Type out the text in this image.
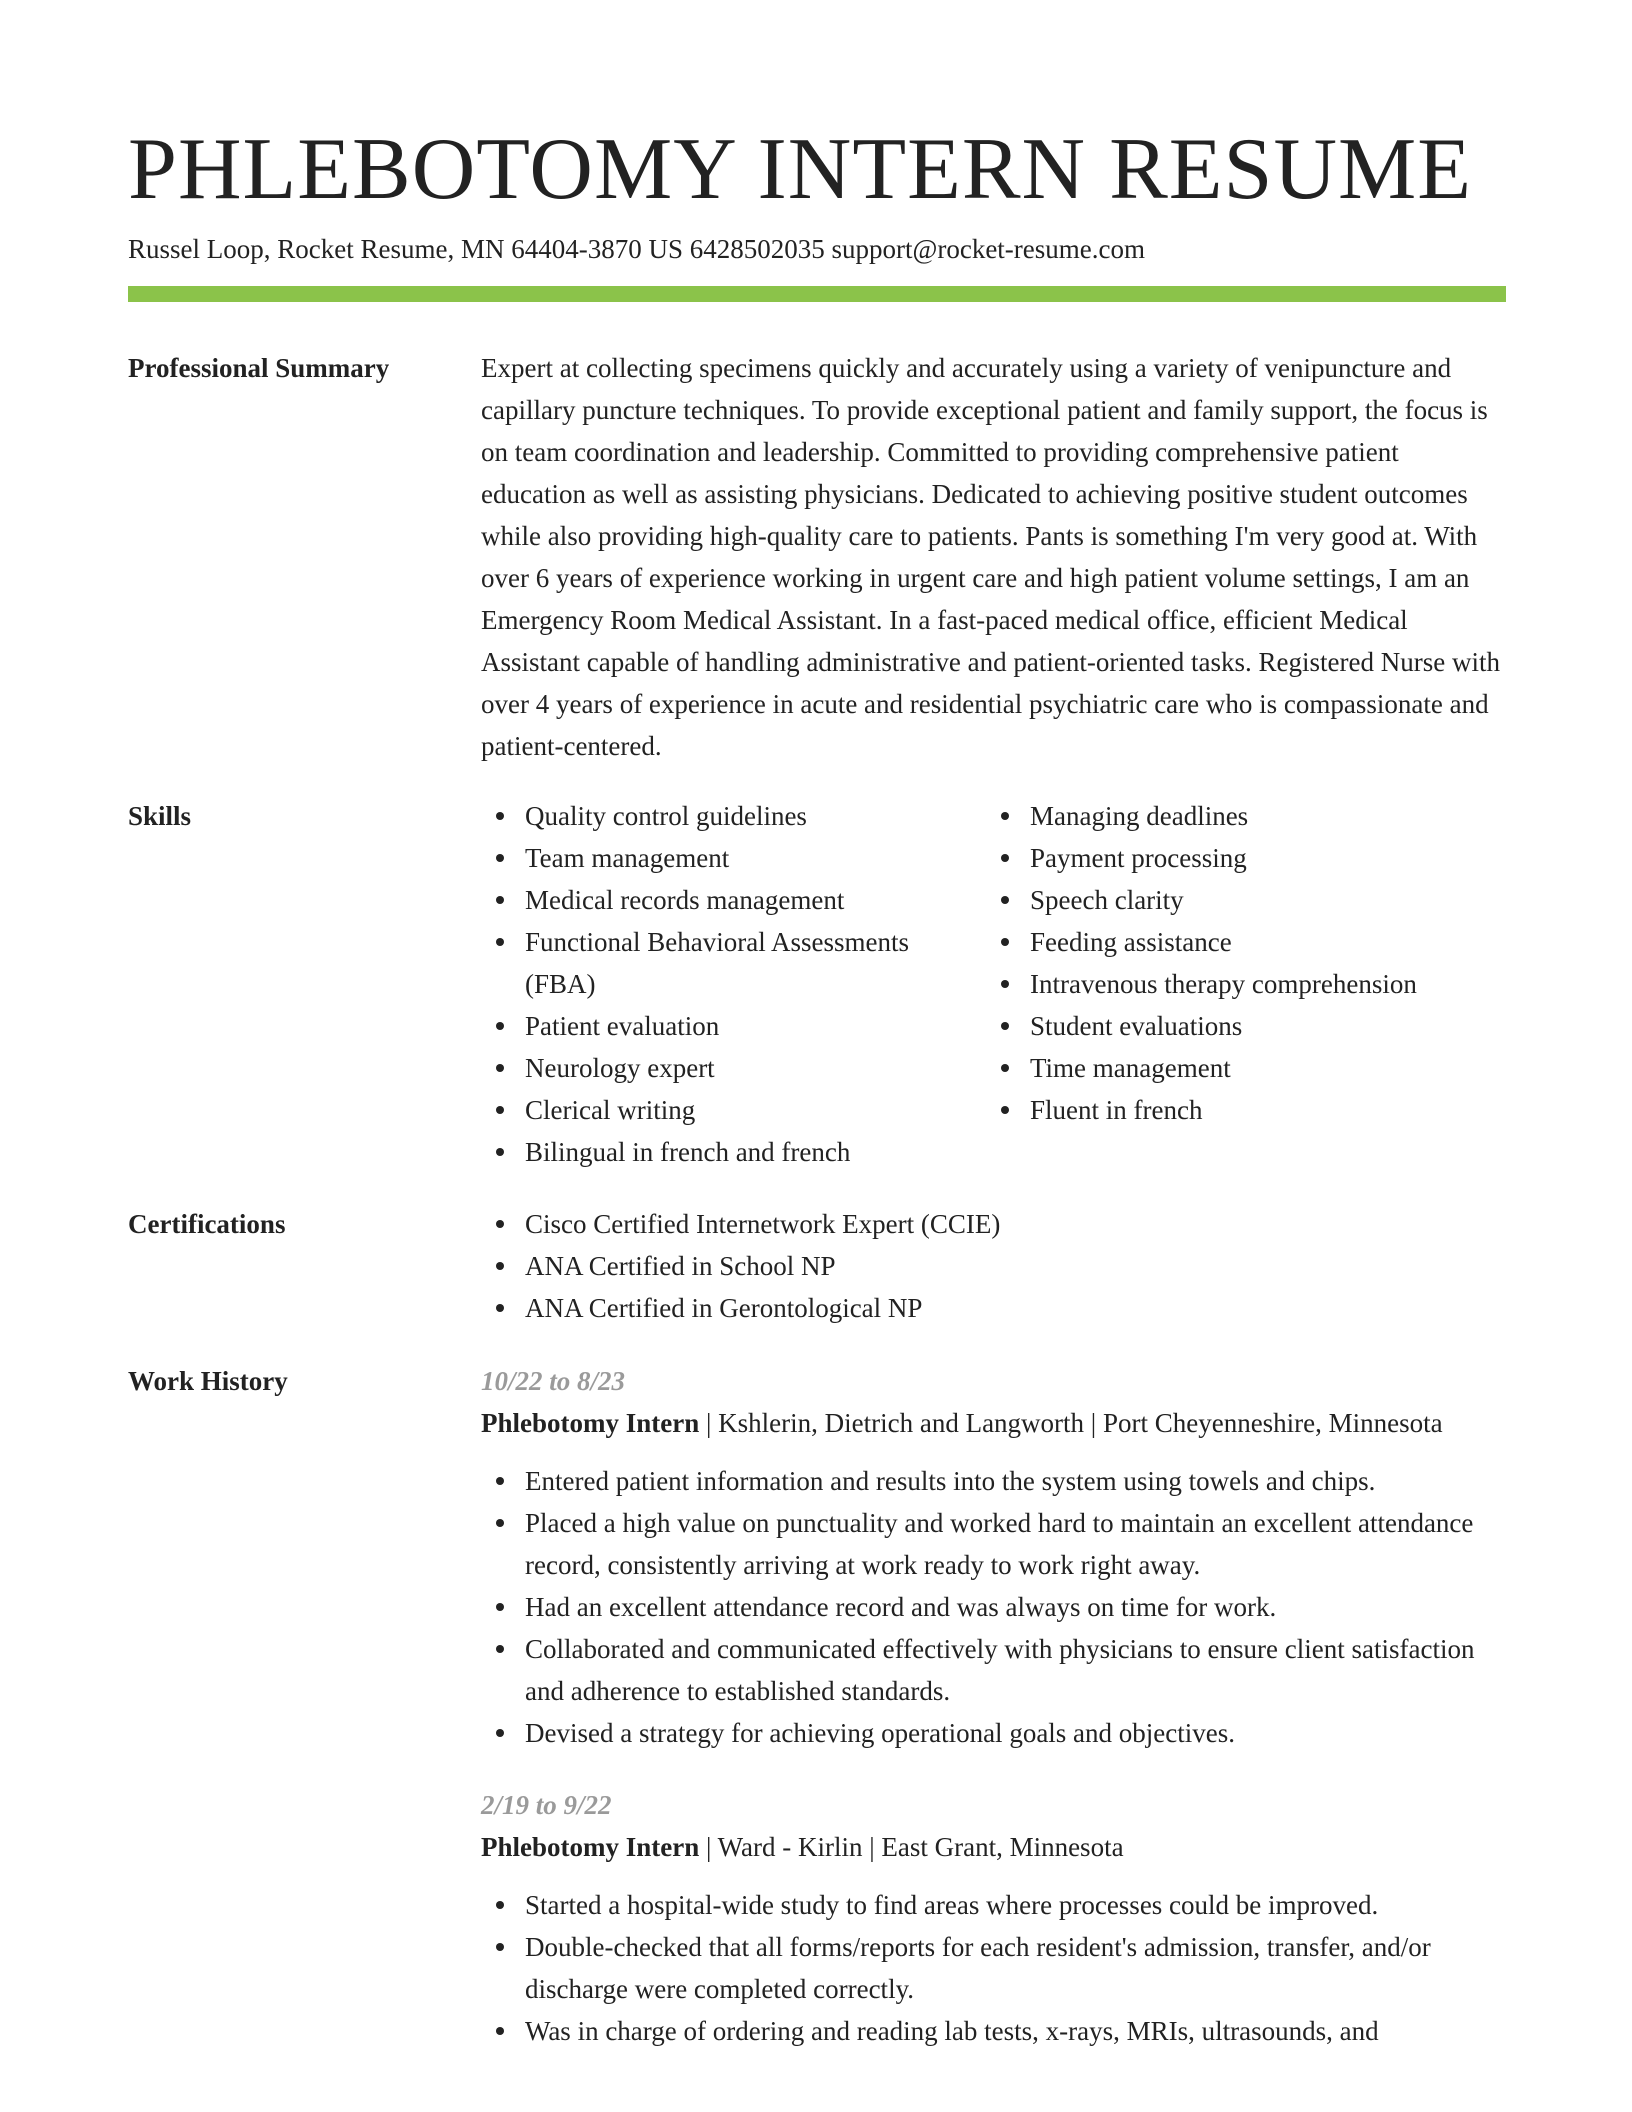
PHLEBOTOMY INTERN RESUME
Russel Loop, Rocket Resume, MN 64404-3870 US 6428502035 support@rocket-resume.com
Professional Summary	Expert at collecting specimens quickly and accurately using a variety of venipuncture and capillary puncture techniques. To provide exceptional patient and family support, the focus is on team coordination and leadership. Committed to providing comprehensive patient education as well as assisting physicians. Dedicated to achieving positive student outcomes while also providing high-quality care to patients. Pants is something I'm very good at. With over 6 years of experience working in urgent care and high patient volume settings, I am an Emergency Room Medical Assistant. In a fast-paced medical office, efficient Medical Assistant capable of handling administrative and patient-oriented tasks. Registered Nurse with over 4 years of experience in acute and residential psychiatric care who is compassionate and patient-centered.

Skills	Quality control guidelines
Team management
Medical records management
Functional Behavioral Assessments (FBA)
Patient evaluation
Neurology expert
Clerical writing
Bilingual in french and french
Managing deadlines
Payment processing
Speech clarity
Feeding assistance
Intravenous therapy comprehension
Student evaluations
Time management
Fluent in french
Certifications	Cisco Certified Internetwork Expert (CCIE)
ANA Certified in School NP
ANA Certified in Gerontological NP
Work History	10/22 to 8/23
Phlebotomy Intern | Kshlerin, Dietrich and Langworth | Port Cheyenneshire, Minnesota
Entered patient information and results into the system using towels and chips.
Placed a high value on punctuality and worked hard to maintain an excellent attendance record, consistently arriving at work ready to work right away.
Had an excellent attendance record and was always on time for work.
Collaborated and communicated effectively with physicians to ensure client satisfaction and adherence to established standards.
Devised a strategy for achieving operational goals and objectives.
2/19 to 9/22
Phlebotomy Intern | Ward - Kirlin | East Grant, Minnesota
Started a hospital-wide study to find areas where processes could be improved.
Double-checked that all forms/reports for each resident's admission, transfer, and/or discharge were completed correctly.
Was in charge of ordering and reading lab tests, x-rays, MRIs, ultrasounds, and
